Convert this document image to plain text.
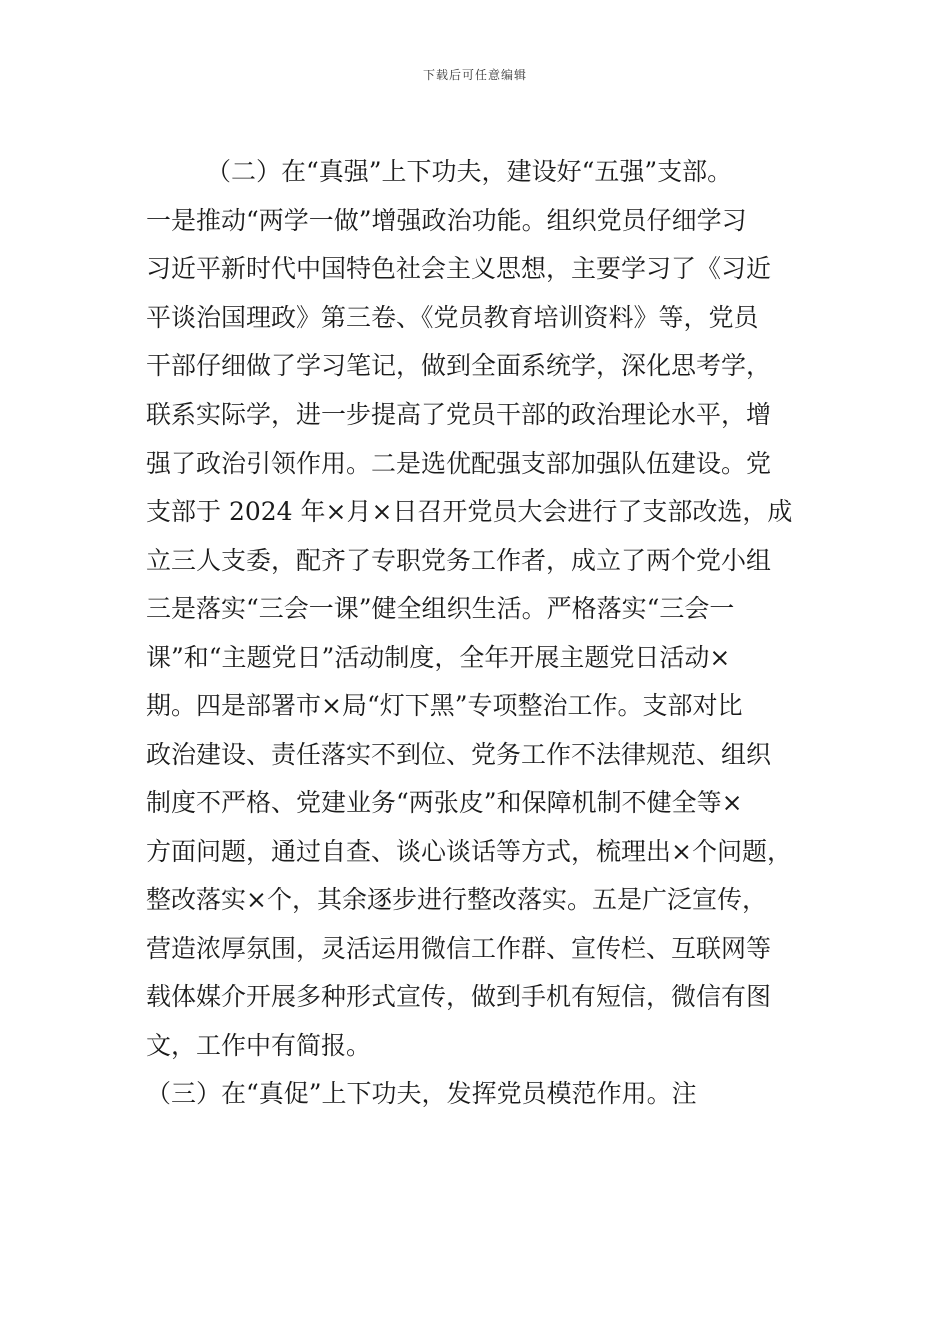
下载后可任意编辑
（二）在“真强”上下功夫，建设好“五强”支部。
一是推动“两学一做”增强政治功能。组织党员仔细学习
习近平新时代中国特色社会主义思想，主要学习了《习近
平谈治国理政》第三卷、《党员教育培训资料》等，党员
干部仔细做了学习笔记，做到全面系统学，深化思考学，
联系实际学，进一步提高了党员干部的政治理论水平，增
强了政治引领作用。二是选优配强支部加强队伍建设。党
支部于 2024 年×月×日召开党员大会进行了支部改选，成
立三人支委，配齐了专职党务工作者，成立了两个党小组
三是落实“三会一课”健全组织生活。严格落实“三会一
课”和“主题党日”活动制度，全年开展主题党日活动×
期。四是部署市×局“灯下黑”专项整治工作。支部对比
政治建设、责任落实不到位、党务工作不法律规范、组织
制度不严格、党建业务“两张皮”和保障机制不健全等×
方面问题，通过自查、谈心谈话等方式，梳理出×个问题，
整改落实×个，其余逐步进行整改落实。五是广泛宣传，
营造浓厚氛围，灵活运用微信工作群、宣传栏、互联网等
载体媒介开展多种形式宣传，做到手机有短信，微信有图
文，工作中有简报。
（三）在“真促”上下功夫，发挥党员模范作用。注
